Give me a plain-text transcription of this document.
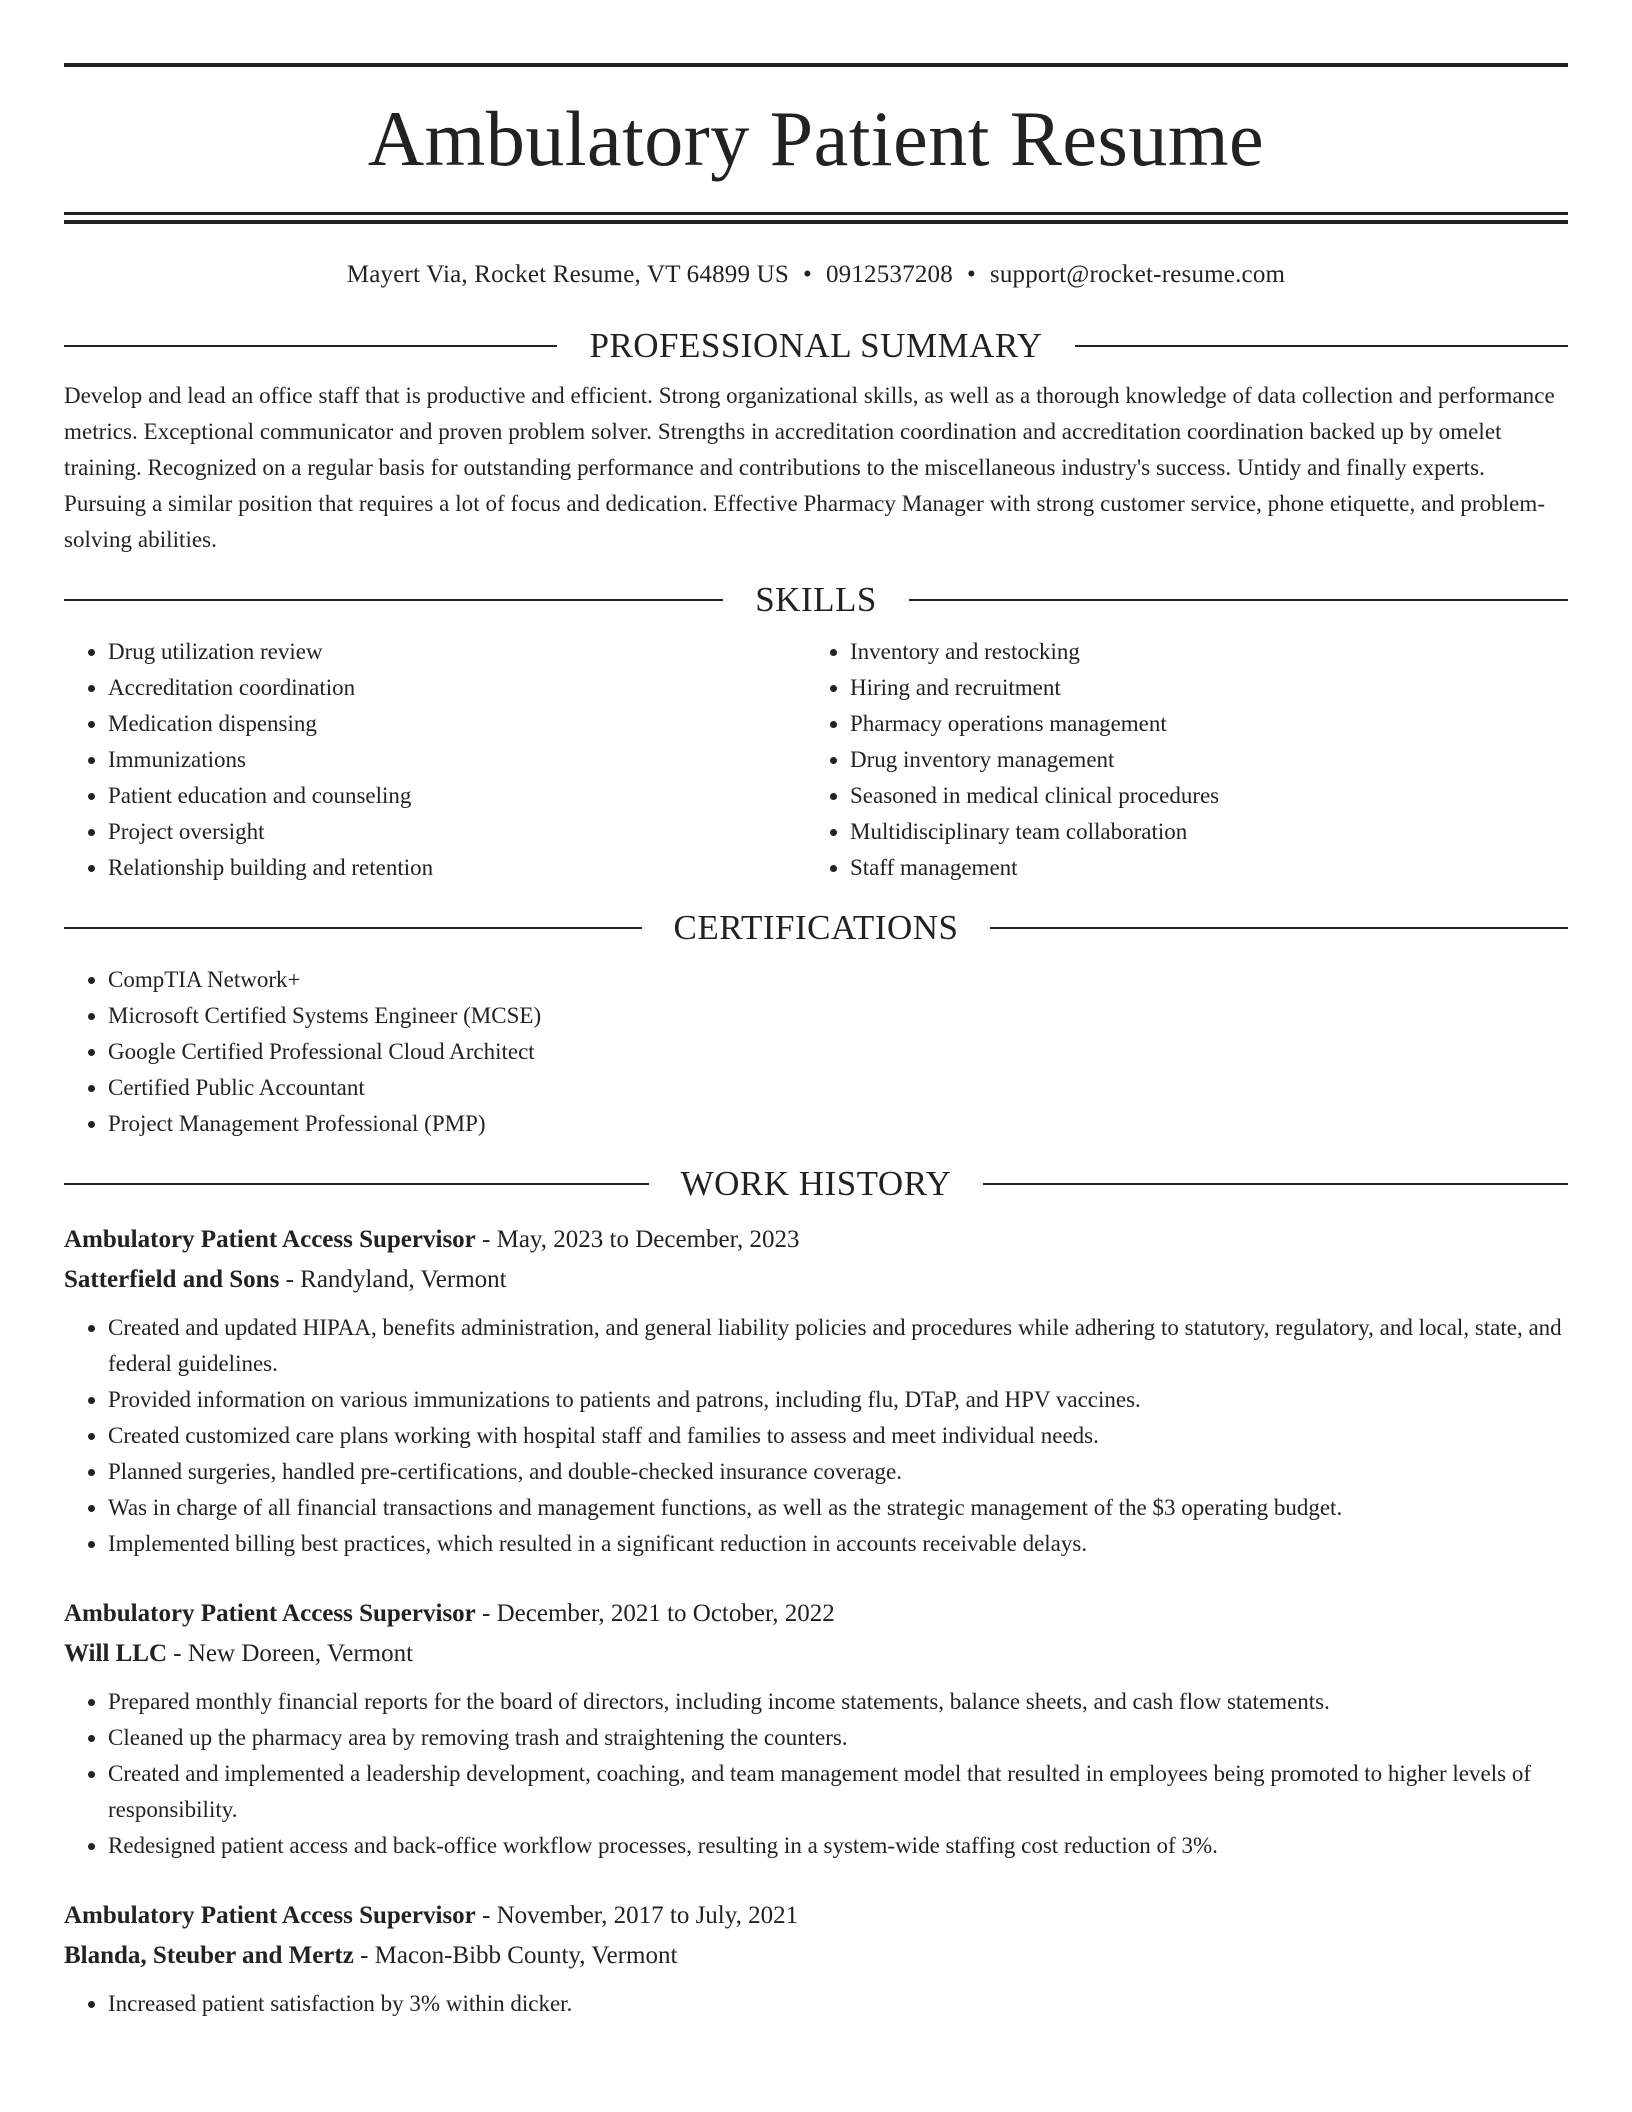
Ambulatory Patient Resume
Mayert Via, Rocket Resume, VT 64899 US • 0912537208 • support@rocket-resume.com
PROFESSIONAL SUMMARY

Develop and lead an office staff that is productive and efficient. Strong organizational skills, as well as a thorough knowledge of data collection and performance metrics. Exceptional communicator and proven problem solver. Strengths in accreditation coordination and accreditation coordination backed up by omelet training. Recognized on a regular basis for outstanding performance and contributions to the miscellaneous industry's success. Untidy and finally experts. Pursuing a similar position that requires a lot of focus and dedication. Effective Pharmacy Manager with strong customer service, phone etiquette, and problem-solving abilities.

SKILLS
• Drug utilization review
• Accreditation coordination
• Medication dispensing
• Immunizations
• Patient education and counseling
• Project oversight
• Relationship building and retention
• Inventory and restocking
• Hiring and recruitment
• Pharmacy operations management
• Drug inventory management
• Seasoned in medical clinical procedures
• Multidisciplinary team collaboration
• Staff management
CERTIFICATIONS
• CompTIA Network+
• Microsoft Certified Systems Engineer (MCSE)
• Google Certified Professional Cloud Architect
• Certified Public Accountant
• Project Management Professional (PMP)
WORK HISTORY
Ambulatory Patient Access Supervisor - May, 2023 to December, 2023
Satterfield and Sons - Randyland, Vermont
• Created and updated HIPAA, benefits administration, and general liability policies and procedures while adhering to statutory, regulatory, and local, state, and federal guidelines.
• Provided information on various immunizations to patients and patrons, including flu, DTaP, and HPV vaccines.
• Created customized care plans working with hospital staff and families to assess and meet individual needs.
• Planned surgeries, handled pre-certifications, and double-checked insurance coverage.
• Was in charge of all financial transactions and management functions, as well as the strategic management of the $3 operating budget.
• Implemented billing best practices, which resulted in a significant reduction in accounts receivable delays.
Ambulatory Patient Access Supervisor - December, 2021 to October, 2022
Will LLC - New Doreen, Vermont
• Prepared monthly financial reports for the board of directors, including income statements, balance sheets, and cash flow statements.
• Cleaned up the pharmacy area by removing trash and straightening the counters.
• Created and implemented a leadership development, coaching, and team management model that resulted in employees being promoted to higher levels of responsibility.
• Redesigned patient access and back-office workflow processes, resulting in a system-wide staffing cost reduction of 3%.
Ambulatory Patient Access Supervisor - November, 2017 to July, 2021
Blanda, Steuber and Mertz - Macon-Bibb County, Vermont
• Increased patient satisfaction by 3% within dicker.
